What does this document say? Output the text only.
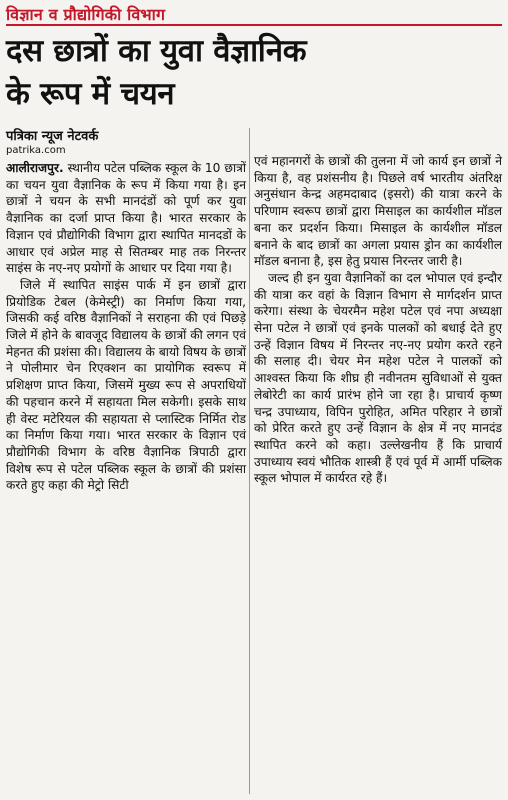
विज्ञान व प्रौद्योगिकी विभाग
दस छात्रों का युवा वैज्ञानिक
के रूप में चयन
पत्रिका न्यूज नेटवर्क
patrika.com

आलीराजपुर. स्थानीय पटेल पब्लिक स्कूल के 10 छात्रों का चयन युवा वैज्ञानिक के रूप में किया गया है। इन छात्रों ने चयन के सभी मानदंडों को पूर्ण कर युवा वैज्ञानिक का दर्जा प्राप्त किया है। भारत सरकार के विज्ञान एवं प्रौद्योगिकी विभाग द्वारा स्थापित मानदडों के आधार एवं अप्रेल माह से सितम्बर माह तक निरन्तर साइंस के नए-नए प्रयोगों के आधार पर दिया गया है।

जिले में स्थापित साइंस पार्क में इन छात्रों द्वारा प्रियोडिक टेबल (केमेस्ट्री) का निर्माण किया गया, जिसकी कई वरिष्ठ वैज्ञानिकों ने सराहना की एवं पिछड़े जिले में होने के बावजूद विद्यालय के छात्रों की लगन एवं मेहनत की प्रशंसा की। विद्यालय के बायो विषय के छात्रों ने पोलीमार चेन रिएक्शन का प्रायोगिक स्वरूप में प्रशिक्षण प्राप्त किया, जिसमें मुख्य रूप से अपराधियों की पहचान करने में सहायता मिल सकेगी। इसके साथ ही वेस्ट मटेरियल की सहायता से प्लास्टिक निर्मित रोड का निर्माण किया गया। भारत सरकार के विज्ञान एवं प्रौद्योगिकी विभाग के वरिष्ठ वैज्ञानिक त्रिपाठी द्वारा विशेष रूप से पटेल पब्लिक स्कूल के छात्रों की प्रशंसा करते हुए कहा की मेट्रो सिटी

एवं महानगरों के छात्रों की तुलना में जो कार्य इन छात्रों ने किया है, वह प्रशंसनीय है। पिछले वर्ष भारतीय अंतरिक्ष अनुसंधान केन्द्र अहमदाबाद (इसरो) की यात्रा करने के परिणाम स्वरूप छात्रों द्वारा मिसाइल का कार्यशील मॉडल बना कर प्रदर्शन किया। मिसाइल के कार्यशील मॉडल बनाने के बाद छात्रों का अगला प्रयास ड्रोन का कार्यशील मॉडल बनाना है, इस हेतु प्रयास निरन्तर जारी है।

जल्द ही इन युवा वैज्ञानिकों का दल भोपाल एवं इन्दौर की यात्रा कर वहां के विज्ञान विभाग से मार्गदर्शन प्राप्त करेगा। संस्था के चेयरमैन महेश पटेल एवं नपा अध्यक्षा सेना पटेल ने छात्रों एवं इनके पालकों को बधाई देते हुए उन्हें विज्ञान विषय में निरन्तर नए-नए प्रयोग करते रहने की सलाह दी। चेयर मेन महेश पटेल ने पालकों को आश्वस्त किया कि शीघ्र ही नवीनतम सुविधाओं से युक्त लेबोरेटी का कार्य प्रारंभ होने जा रहा है। प्राचार्य कृष्ण चन्द्र उपाध्याय, विपिन पुरोहित, अमित परिहार ने छात्रों को प्रेरित करते हुए उन्हें विज्ञान के क्षेत्र में नए मानदंड स्थापित करने को कहा। उल्लेखनीय हैं कि प्राचार्य उपाध्याय स्वयं भौतिक शास्त्री हैं एवं पूर्व में आर्मी पब्लिक स्कूल भोपाल में कार्यरत रहे हैं।
